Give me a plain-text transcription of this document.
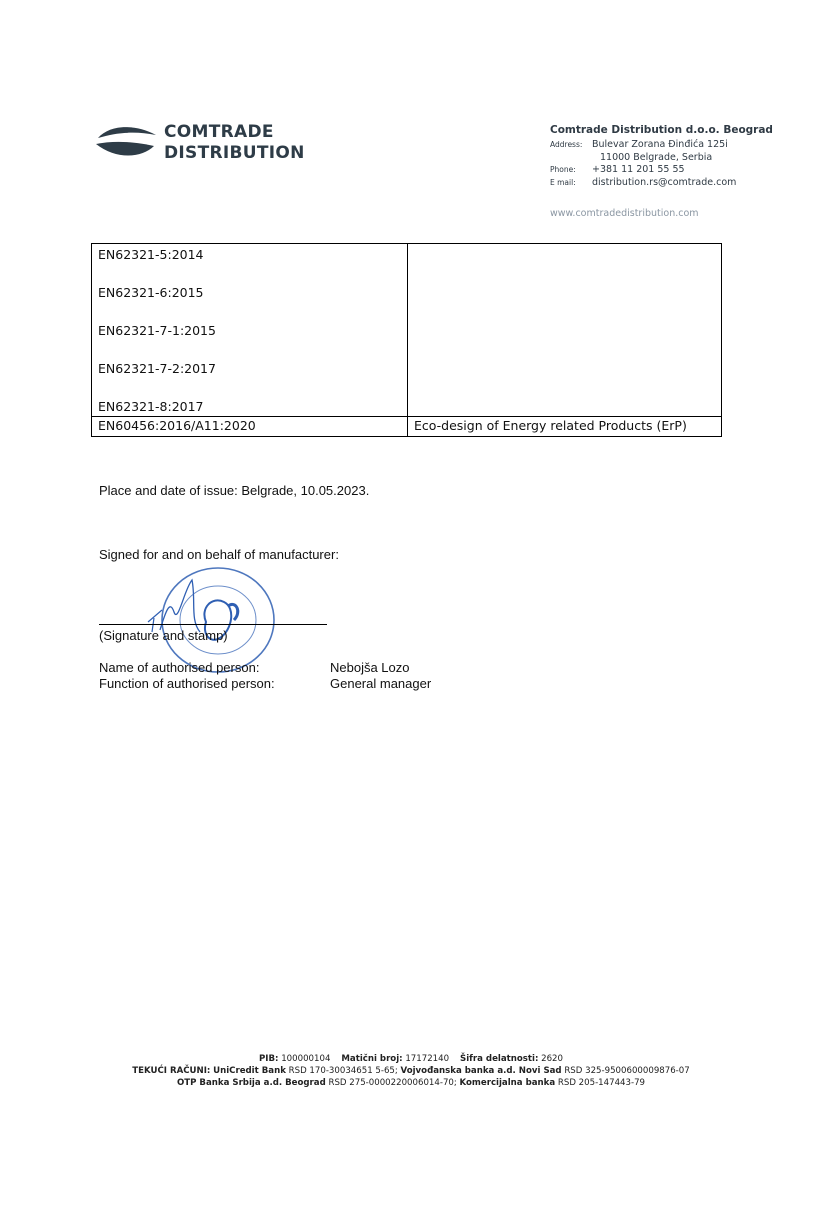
COMTRADE
DISTRIBUTION
Comtrade Distribution d.o.o. Beograd
Address:	Bulevar Zorana Đinđića 125i
11000 Belgrade, Serbia
Phone:	+381 11 201 55 55
E mail:	distribution.rs@comtrade.com
www.comtradedistribution.com
EN62321-5:2014
EN62321-6:2015
EN62321-7-1:2015
EN62321-7-2:2017
EN62321-8:2017	

EN60456:2016/A11:2020	Eco-design of Energy related Products (ErP)
Place and date of issue: Belgrade, 10.05.2023.
Signed for and on behalf of manufacturer:
(Signature and stamp)
Name of authorised person:	Nebojša Lozo
Function of authorised person:	General manager
PIB: 100000104 Matični broj: 17172140 Šifra delatnosti: 2620
TEKUĆI RAČUNI: UniCredit Bank RSD 170-30034651 5-65; Vojvođanska banka a.d. Novi Sad RSD 325-9500600009876-07
OTP Banka Srbija a.d. Beograd RSD 275-0000220006014-70; Komercijalna banka RSD 205-147443-79
